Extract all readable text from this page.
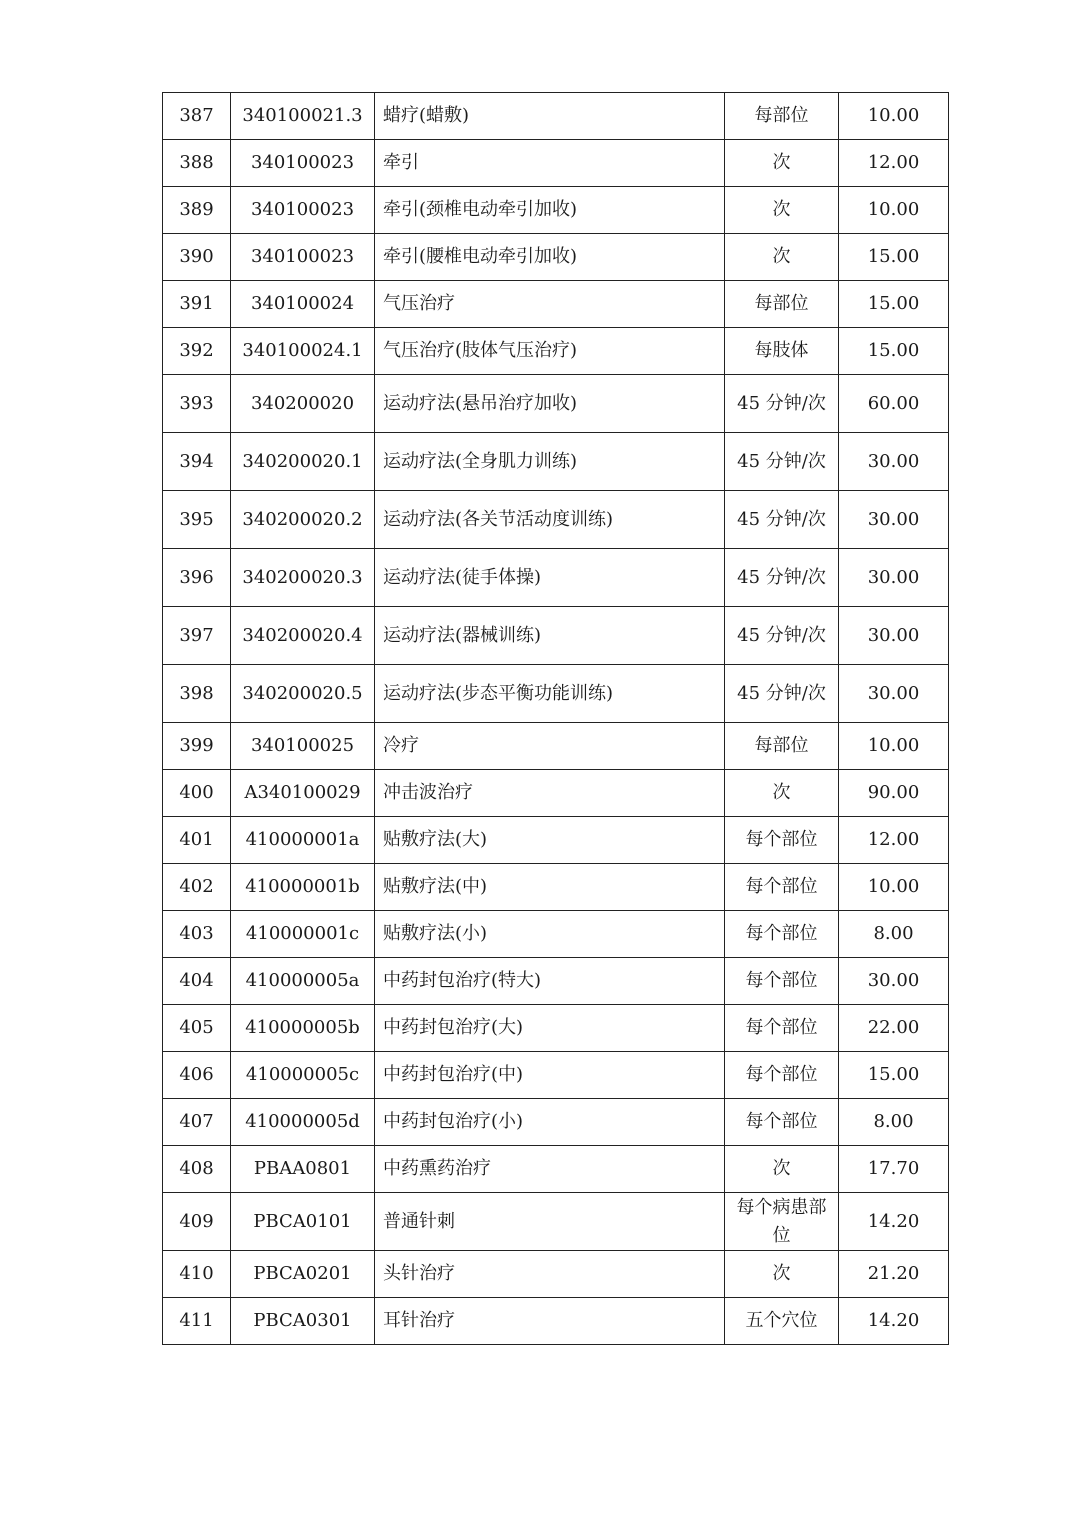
387	340100021.3	蜡疗(蜡敷)	每部位	10.00
388	340100023	牵引	次	12.00
389	340100023	牵引(颈椎电动牵引加收)	次	10.00
390	340100023	牵引(腰椎电动牵引加收)	次	15.00
391	340100024	气压治疗	每部位	15.00
392	340100024.1	气压治疗(肢体气压治疗)	每肢体	15.00
393	340200020	运动疗法(悬吊治疗加收)	45 分钟/次	60.00
394	340200020.1	运动疗法(全身肌力训练)	45 分钟/次	30.00
395	340200020.2	运动疗法(各关节活动度训练)	45 分钟/次	30.00
396	340200020.3	运动疗法(徒手体操)	45 分钟/次	30.00
397	340200020.4	运动疗法(器械训练)	45 分钟/次	30.00
398	340200020.5	运动疗法(步态平衡功能训练)	45 分钟/次	30.00
399	340100025	冷疗	每部位	10.00
400	A340100029	冲击波治疗	次	90.00
401	410000001a	贴敷疗法(大)	每个部位	12.00
402	410000001b	贴敷疗法(中)	每个部位	10.00
403	410000001c	贴敷疗法(小)	每个部位	8.00
404	410000005a	中药封包治疗(特大)	每个部位	30.00
405	410000005b	中药封包治疗(大)	每个部位	22.00
406	410000005c	中药封包治疗(中)	每个部位	15.00
407	410000005d	中药封包治疗(小)	每个部位	8.00
408	PBAA0801	中药熏药治疗	次	17.70
409	PBCA0101	普通针刺	每个病患部位	14.20
410	PBCA0201	头针治疗	次	21.20
411	PBCA0301	耳针治疗	五个穴位	14.20
